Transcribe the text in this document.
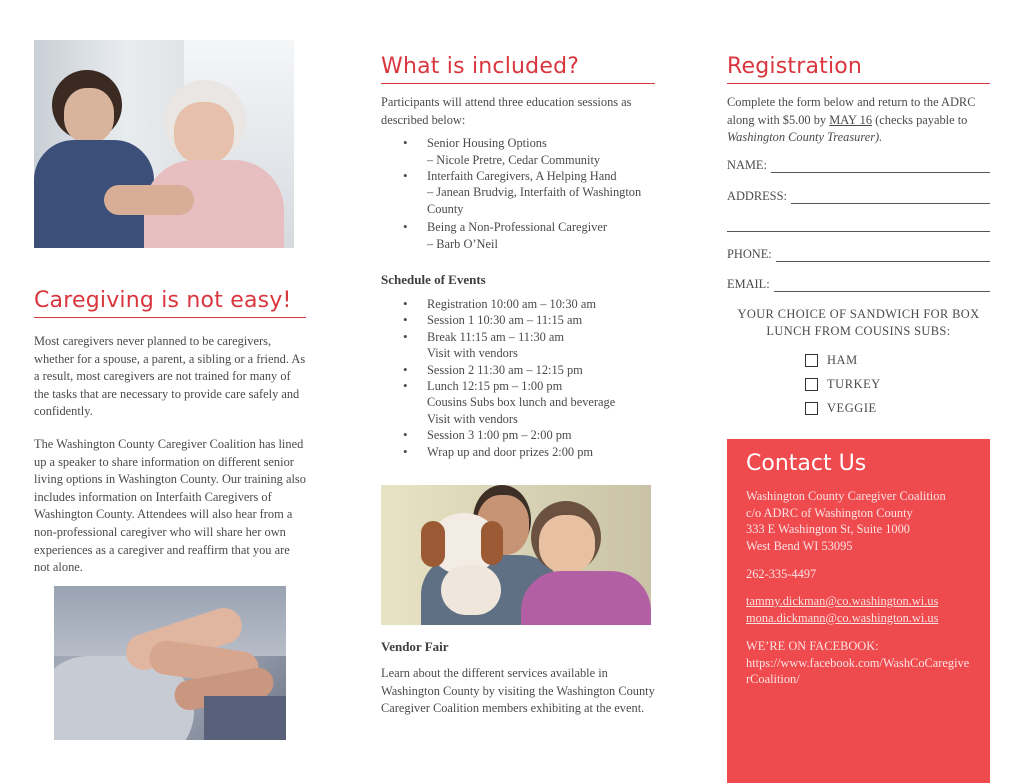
Caregiving is not easy!

Most caregivers never planned to be caregivers, whether for a spouse, a parent, a sibling or a friend. As a result, most caregivers are not trained for many of the tasks that are necessary to provide care safely and confidently.

The Washington County Caregiver Coalition has lined up a speaker to share information on different senior living options in Washington County. Our training also includes information on Interfaith Caregivers of Washington County. Attendees will also hear from a non-professional caregiver who will share her own experiences as a caregiver and reaffirm that you are not alone.

What is included?

Participants will attend three education sessions as described below:

• Senior Housing Options
– Nicole Pretre, Cedar Community
• Interfaith Caregivers, A Helping Hand
– Janean Brudvig, Interfaith of Washington County
• Being a Non-Professional Caregiver
– Barb O’Neil
Schedule of Events
• Registration 10:00 am – 10:30 am
• Session 1 10:30 am – 11:15 am
• Break 11:15 am – 11:30 am
Visit with vendors
• Session 2 11:30 am – 12:15 pm
• Lunch 12:15 pm – 1:00 pm
Cousins Subs box lunch and beverage
Visit with vendors
• Session 3 1:00 pm – 2:00 pm
• Wrap up and door prizes 2:00 pm
Vendor Fair

Learn about the different services available in Washington County by visiting the Washington County Caregiver Coalition members exhibiting at the event.

Registration

Complete the form below and return to the ADRC along with $5.00 by MAY 16 (checks payable to Washington County Treasurer).

NAME:
ADDRESS:
PHONE:
EMAIL:

YOUR CHOICE OF SANDWICH FOR BOX LUNCH FROM COUSINS SUBS:

HAM
TURKEY
VEGGIE
Contact Us
Washington County Caregiver Coalition
c/o ADRC of Washington County
333 E Washington St, Suite 1000
West Bend WI 53095
262-335-4497
tammy.dickman@co.washington.wi.us
mona.dickmann@co.washington.wi.us
WE’RE ON FACEBOOK:
https://www.facebook.com/WashCoCaregiverCoalition/
